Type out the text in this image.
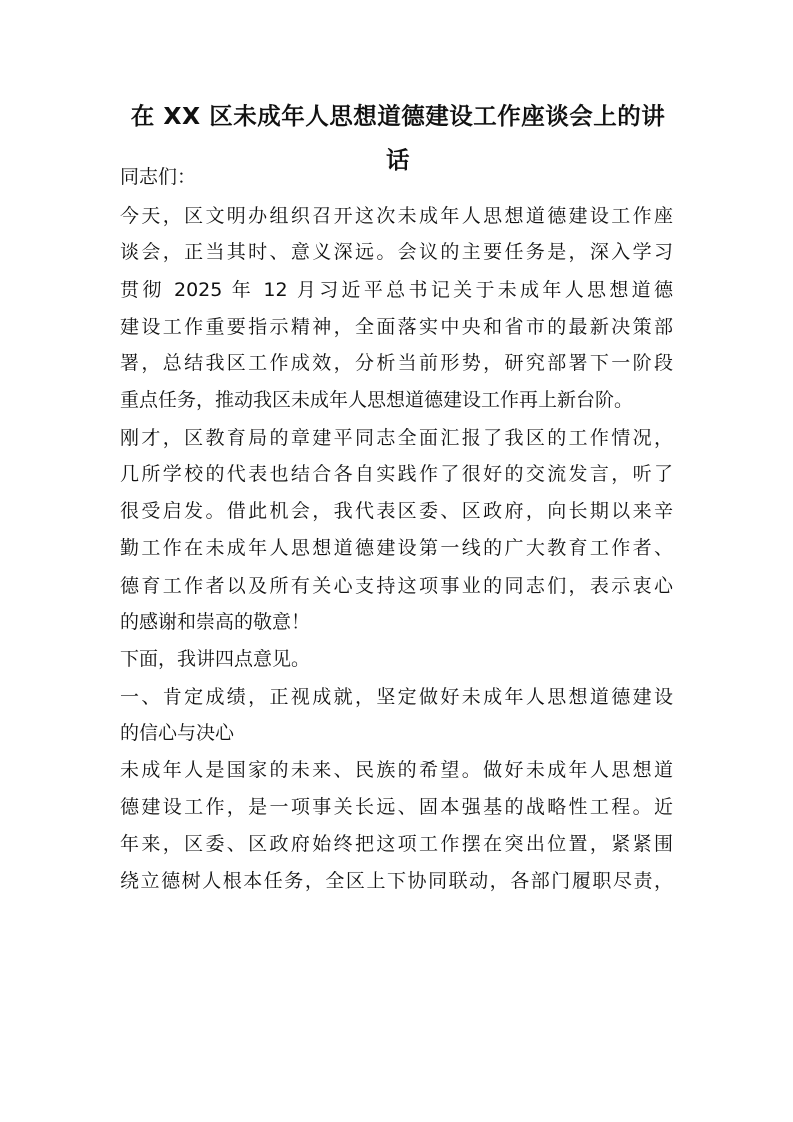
在 XX 区未成年人思想道德建设工作座谈会上的讲
话

同志们：

今天，区文明办组织召开这次未成年人思想道德建设工作座

谈会，正当其时、意义深远。会议的主要任务是，深入学习

贯彻 2025 年 12 月习近平总书记关于未成年人思想道德

建设工作重要指示精神，全面落实中央和省市的最新决策部

署，总结我区工作成效，分析当前形势，研究部署下一阶段

重点任务，推动我区未成年人思想道德建设工作再上新台阶。

刚才，区教育局的章建平同志全面汇报了我区的工作情况，

几所学校的代表也结合各自实践作了很好的交流发言，听了

很受启发。借此机会，我代表区委、区政府，向长期以来辛

勤工作在未成年人思想道德建设第一线的广大教育工作者、

德育工作者以及所有关心支持这项事业的同志们，表示衷心

的感谢和崇高的敬意！

下面，我讲四点意见。

一、肯定成绩，正视成就，坚定做好未成年人思想道德建设

的信心与决心

未成年人是国家的未来、民族的希望。做好未成年人思想道

德建设工作，是一项事关长远、固本强基的战略性工程。近

年来，区委、区政府始终把这项工作摆在突出位置，紧紧围

绕立德树人根本任务，全区上下协同联动，各部门履职尽责，
